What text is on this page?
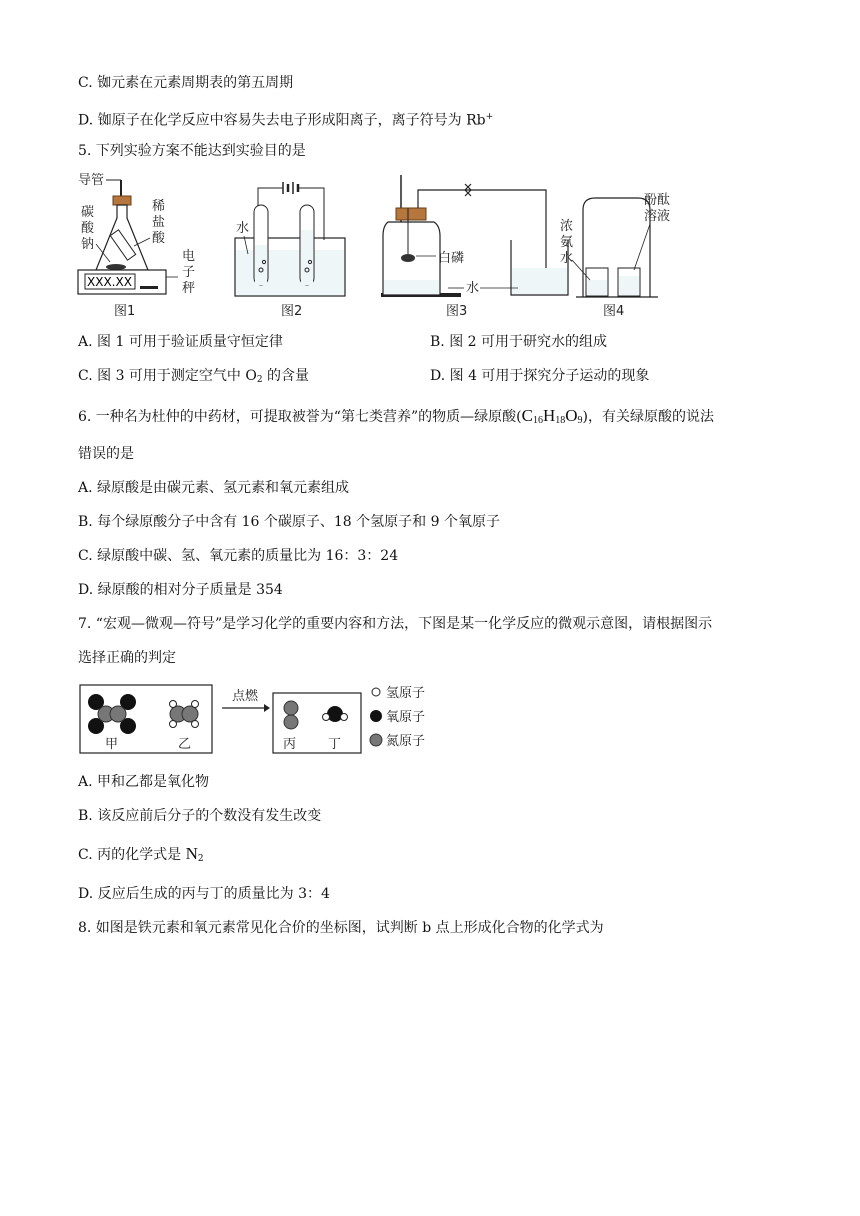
C. 铷元素在元素周期表的第五周期
D. 铷原子在化学反应中容易失去电子形成阳离子，离子符号为 Rb+
5. 下列实验方案不能达到实验目的是
导管
碳
酸
钠
稀
盐
酸
XXX.XX
电
子
秤
图1
水
图2
白磷
水
图3
浓
氨
水
酚酞
溶液
图4
A. 图 1 可用于验证质量守恒定律	B. 图 2 可用于研究水的组成
C. 图 3 可用于测定空气中 $O_2$ 的含量	D. 图 4 可用于探究分子运动的现象
6. 一种名为杜仲的中药材，可提取被誉为“第七类营养”的物质—绿原酸$(C_{16}H_{18}O_9)$，有关绿原酸的说法
错误的是
A. 绿原酸是由碳元素、氢元素和氧元素组成
B. 每个绿原酸分子中含有 16 个碳原子、18 个氢原子和 9 个氧原子
C. 绿原酸中碳、氢、氧元素的质量比为 16：3：24
D. 绿原酸的相对分子质量是 354
7. “宏观—微观—符号”是学习化学的重要内容和方法，下图是某一化学反应的微观示意图，请根据图示
选择正确的判定
甲	乙
点燃
丙 丁
氢原子
氧原子
氮原子
A. 甲和乙都是氧化物
B. 该反应前后分子的个数没有发生改变
C. 丙的化学式是 $N_2$
D. 反应后生成的丙与丁的质量比为 3：4
8. 如图是铁元素和氧元素常见化合价的坐标图，试判断 b 点上形成化合物的化学式为
